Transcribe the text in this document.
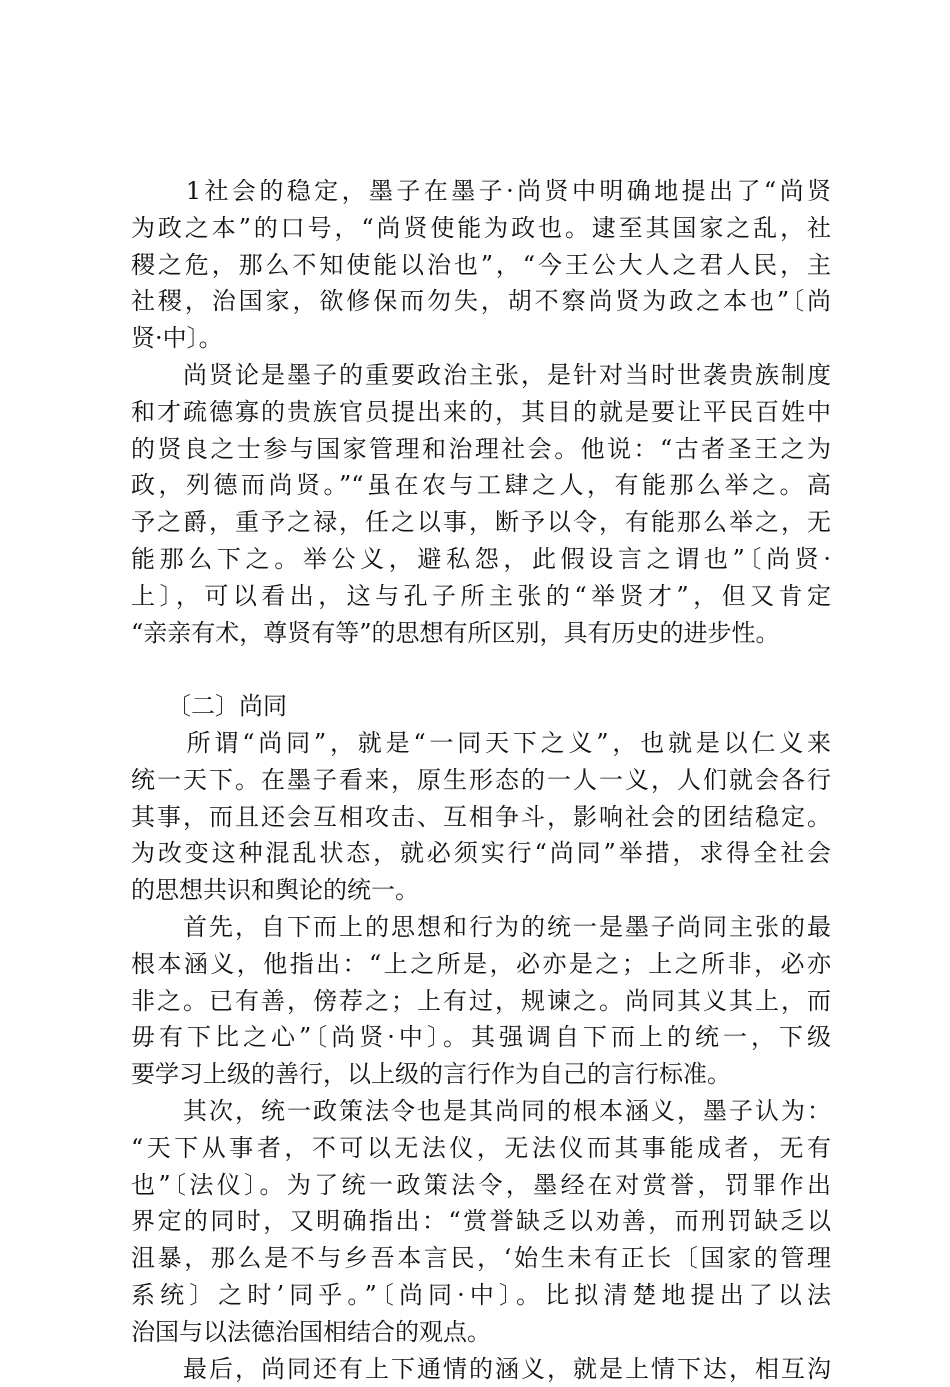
　　1社会的稳定，墨子在墨子·尚贤中明确地提出了“尚贤
为政之本”的口号，“尚贤使能为政也。逮至其国家之乱，社
稷之危，那么不知使能以治也”，“今王公大人之君人民，主
社稷，治国家，欲修保而勿失，胡不察尚贤为政之本也”〔尚
贤·中〕。
　　尚贤论是墨子的重要政治主张，是针对当时世袭贵族制度
和才疏德寡的贵族官员提出来的，其目的就是要让平民百姓中
的贤良之士参与国家管理和治理社会。他说：“古者圣王之为
政，列德而尚贤。”“虽在农与工肆之人，有能那么举之。高
予之爵，重予之禄，任之以事，断予以令，有能那么举之，无
能那么下之。举公义，避私怨，此假设言之谓也”〔尚贤·
上〕，可以看出，这与孔子所主张的“举贤才”，但又肯定
“亲亲有术，尊贤有等”的思想有所区别，具有历史的进步性。
　　〔二〕尚同
　　所谓“尚同”，就是“一同天下之义”，也就是以仁义来
统一天下。在墨子看来，原生形态的一人一义，人们就会各行
其事，而且还会互相攻击、互相争斗，影响社会的团结稳定。
为改变这种混乱状态，就必须实行“尚同”举措，求得全社会
的思想共识和舆论的统一。
　　首先，自下而上的思想和行为的统一是墨子尚同主张的最
根本涵义，他指出：“上之所是，必亦是之；上之所非，必亦
非之。已有善，傍荐之；上有过，规谏之。尚同其义其上，而
毋有下比之心”〔尚贤·中〕。其强调自下而上的统一，下级
要学习上级的善行，以上级的言行作为自己的言行标准。
　　其次，统一政策法令也是其尚同的根本涵义，墨子认为：
“天下从事者，不可以无法仪，无法仪而其事能成者，无有
也”〔法仪〕。为了统一政策法令，墨经在对赏誉，罚罪作出
界定的同时，又明确指出：“赏誉缺乏以劝善，而刑罚缺乏以
沮暴，那么是不与乡吾本言民，‘始生未有正长〔国家的管理
系统〕之时’同乎。”〔尚同·中〕。比拟清楚地提出了以法
治国与以法德治国相结合的观点。
　　最后，尚同还有上下通情的涵义，就是上情下达，相互沟
